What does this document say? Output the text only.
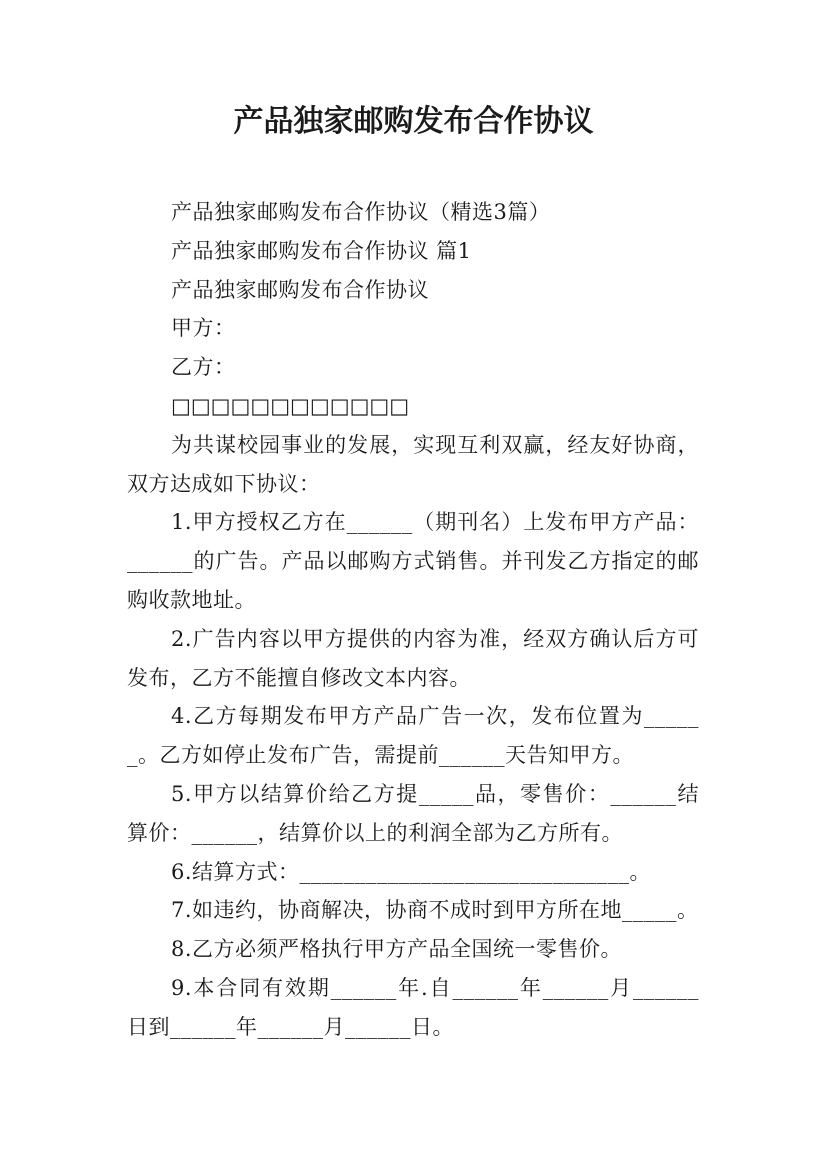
产品独家邮购发布合作协议

产品独家邮购发布合作协议（精选3篇）

产品独家邮购发布合作协议 篇1

产品独家邮购发布合作协议

甲方：

乙方：

□□□□□□□□□□□□

为共谋校园事业的发展，实现互利双赢，经友好协商，双方达成如下协议：

1.甲方授权乙方在______（期刊名）上发布甲方产品：______的广告。产品以邮购方式销售。并刊发乙方指定的邮购收款地址。

2.广告内容以甲方提供的内容为准，经双方确认后方可发布，乙方不能擅自修改文本内容。

4.乙方每期发布甲方产品广告一次，发布位置为______。乙方如停止发布广告，需提前______天告知甲方。

5.甲方以结算价给乙方提_____品，零售价：______结算价：______，结算价以上的利润全部为乙方所有。

6.结算方式：______________________________。

7.如违约，协商解决，协商不成时到甲方所在地_____。

8.乙方必须严格执行甲方产品全国统一零售价。

9.本合同有效期______年.自______年______月______日到______年______月______日。
